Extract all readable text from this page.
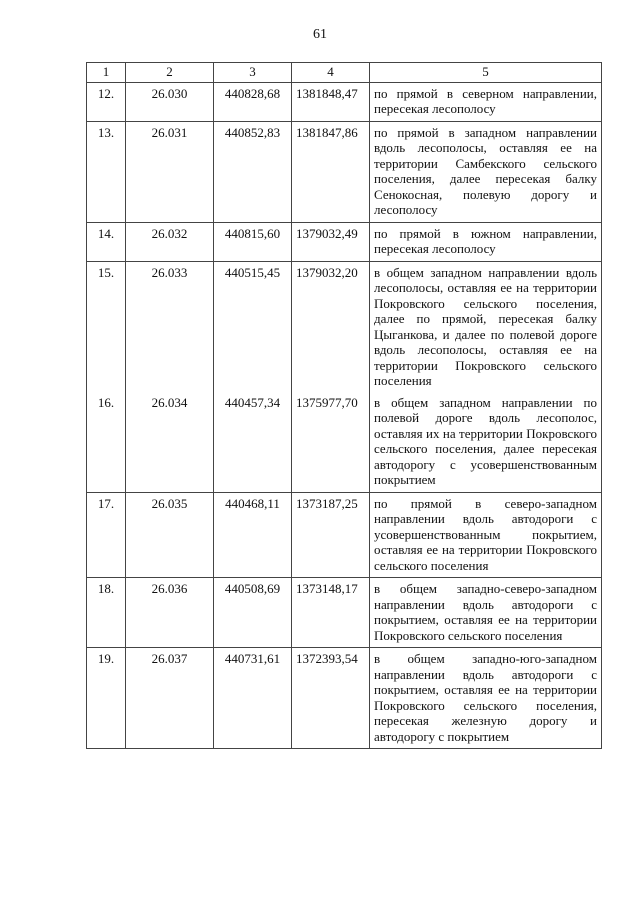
61
1	2	3	4	5
12.	26.030	440828,68	1381848,47	по прямой в северном направлении, пересекая лесополосу
13.	26.031	440852,83	1381847,86	по прямой в западном направлении вдоль лесополосы, оставляя ее на территории Самбекского сельского поселения, далее пересекая балку Сенокосная, полевую дорогу и лесополосу
14.	26.032	440815,60	1379032,49	по прямой в южном направлении, пересекая лесополосу
15.	26.033	440515,45	1379032,20	в общем западном направлении вдоль лесополосы, оставляя ее на территории Покровского сельского поселения, далее по прямой, пересекая балку Цыганкова, и далее по полевой дороге вдоль лесополосы, оставляя ее на территории Покровского сельского поселения
16.	26.034	440457,34	1375977,70	в общем западном направлении по полевой дороге вдоль лесополос, оставляя их на территории Покровского сельского поселения, далее пересекая автодорогу с усовершенствованным покрытием
17.	26.035	440468,11	1373187,25	по прямой в северо-западном направлении вдоль автодороги с усовершенствованным покрытием, оставляя ее на территории Покровского сельского поселения
18.	26.036	440508,69	1373148,17	в общем западно-северо-западном направлении вдоль автодороги с покрытием, оставляя ее на территории Покровского сельского поселения
19.	26.037	440731,61	1372393,54	в общем западно-юго-западном направлении вдоль автодороги с покрытием, оставляя ее на территории Покровского сельского поселения, пересекая железную дорогу и автодорогу с покрытием
